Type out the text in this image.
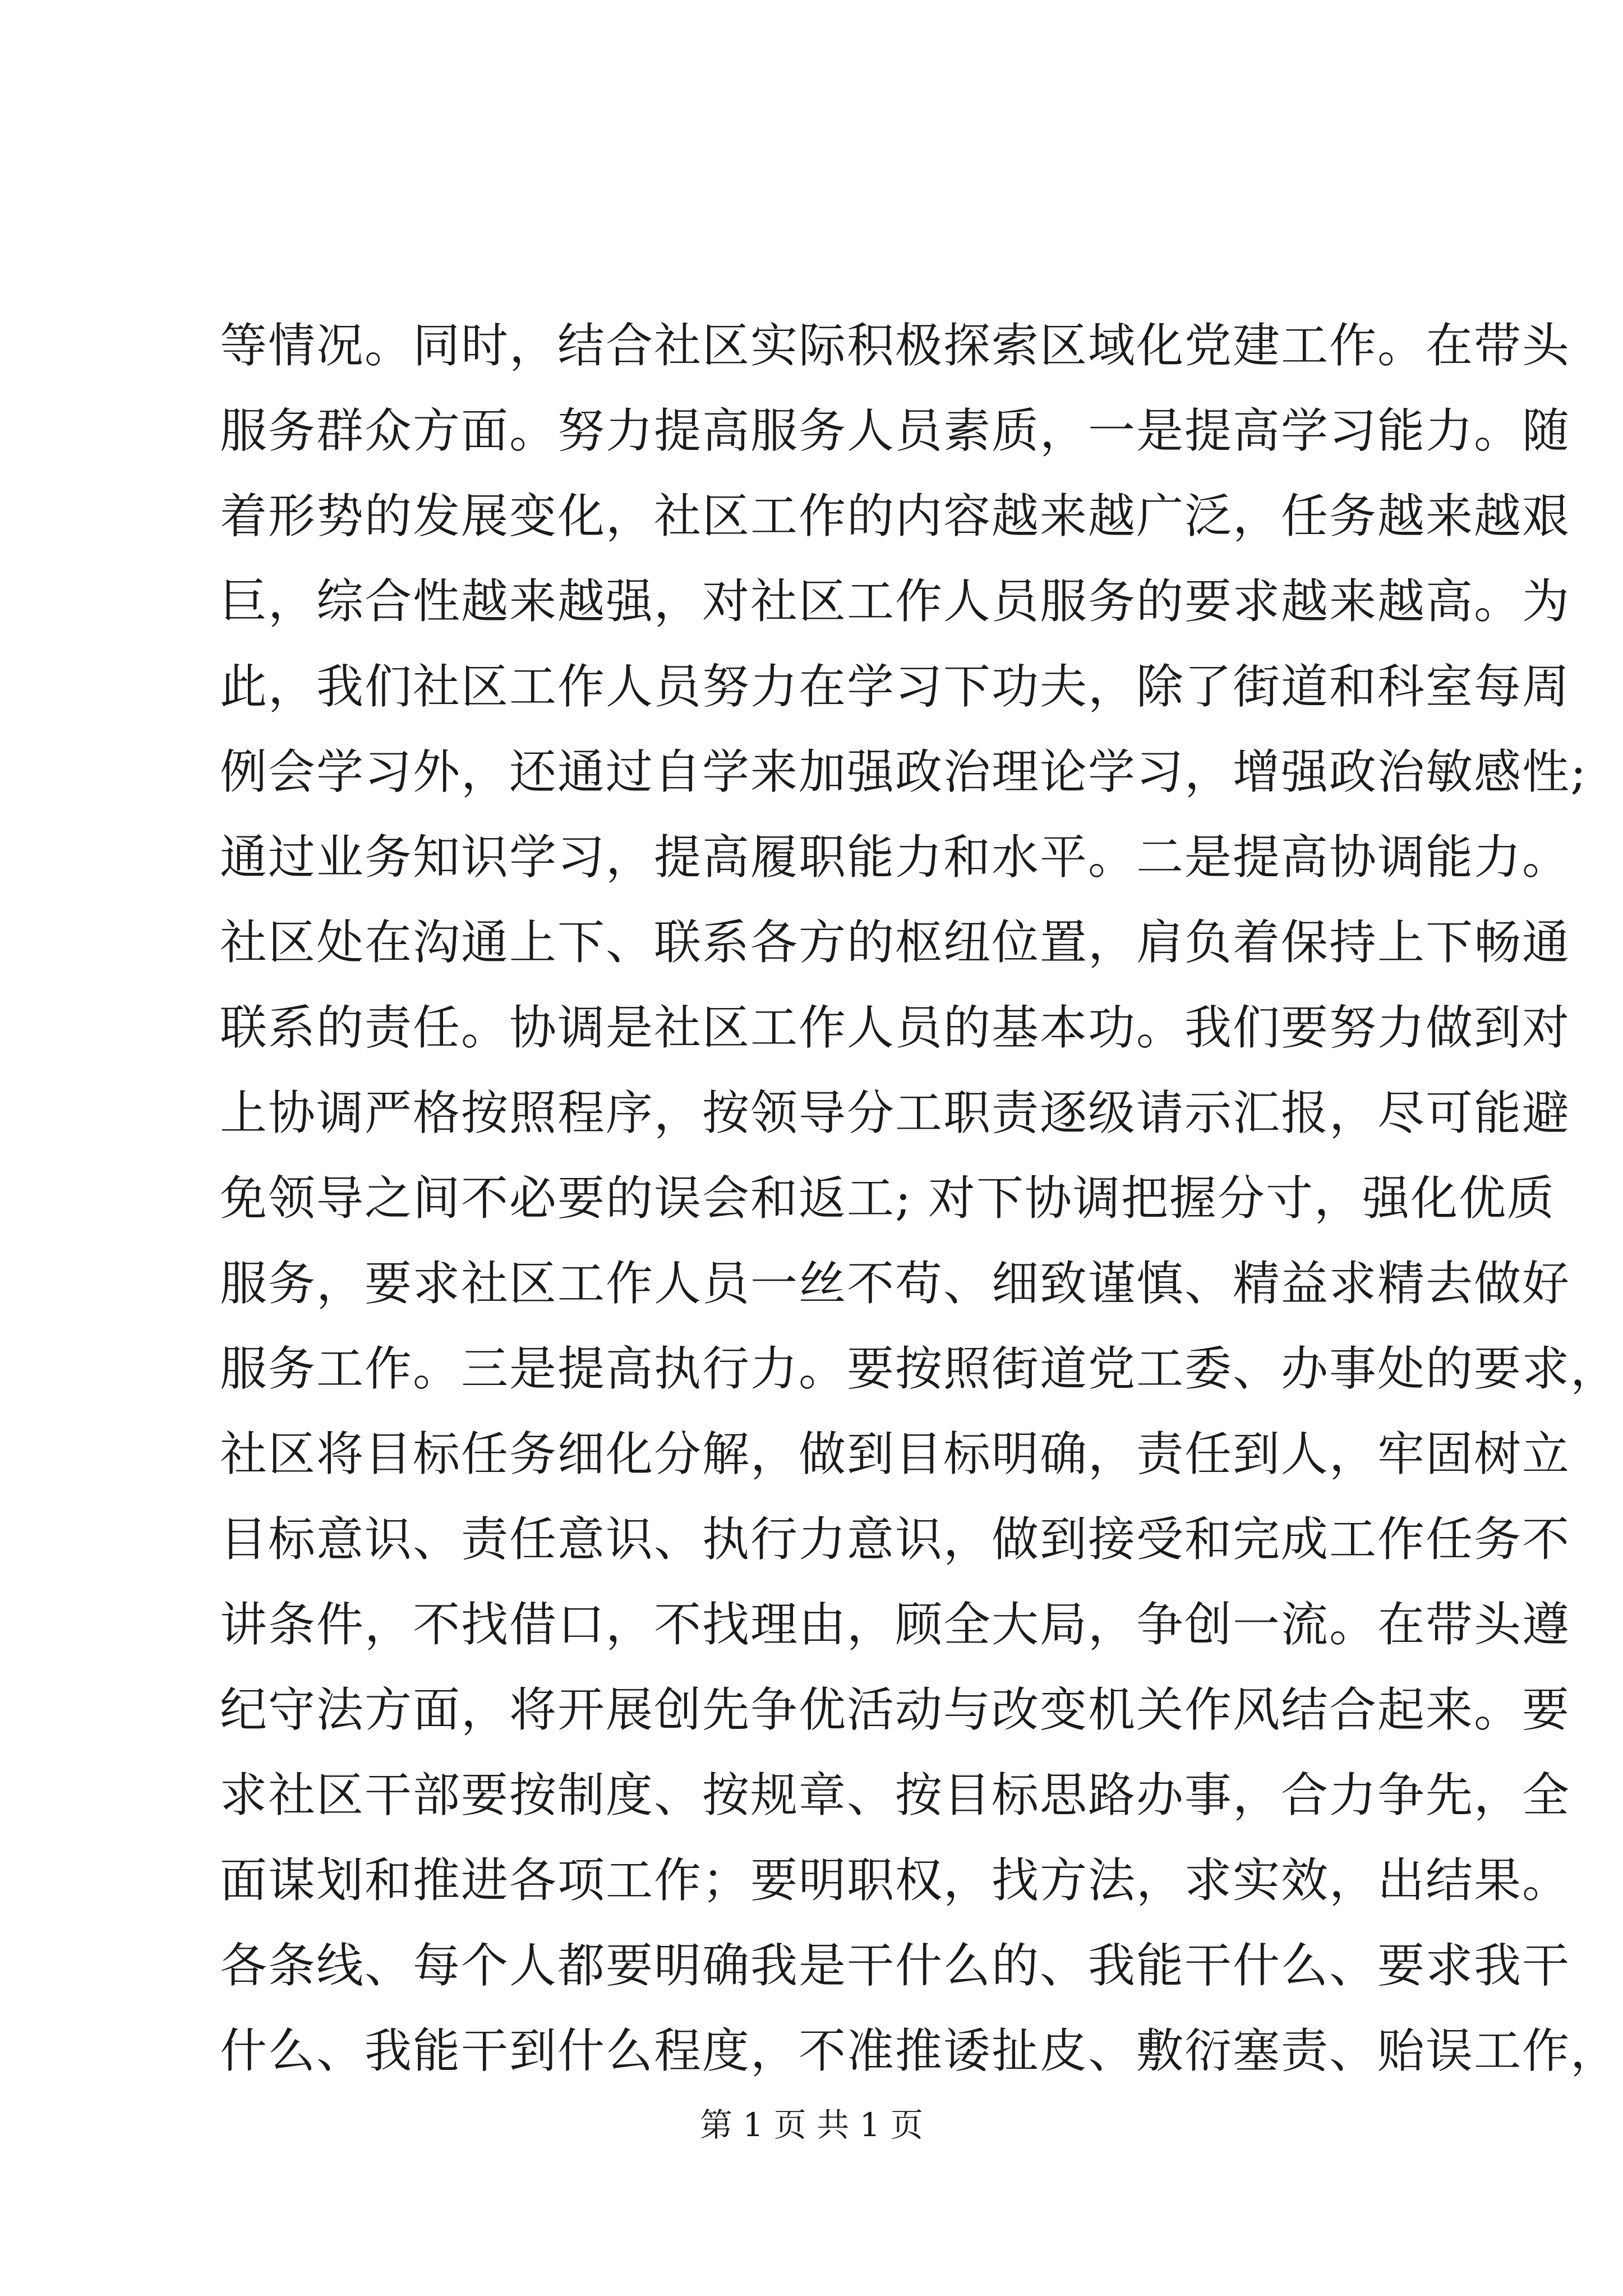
等情况。同时，结合社区实际积极探索区域化党建工作。在带头
服务群众方面。努力提高服务人员素质，一是提高学习能力。随
着形势的发展变化，社区工作的内容越来越广泛，任务越来越艰
巨，综合性越来越强，对社区工作人员服务的要求越来越高。为
此，我们社区工作人员努力在学习下功夫，除了街道和科室每周
例会学习外，还通过自学来加强政治理论学习，增强政治敏感性;
通过业务知识学习，提高履职能力和水平。二是提高协调能力。
社区处在沟通上下、联系各方的枢纽位置，肩负着保持上下畅通
联系的责任。协调是社区工作人员的基本功。我们要努力做到对
上协调严格按照程序，按领导分工职责逐级请示汇报，尽可能避
免领导之间不必要的误会和返工; 对下协调把握分寸，强化优质
服务，要求社区工作人员一丝不苟、细致谨慎、精益求精去做好
服务工作。三是提高执行力。要按照街道党工委、办事处的要求，
社区将目标任务细化分解，做到目标明确，责任到人，牢固树立
目标意识、责任意识、执行力意识，做到接受和完成工作任务不
讲条件，不找借口，不找理由，顾全大局，争创一流。在带头遵
纪守法方面，将开展创先争优活动与改变机关作风结合起来。要
求社区干部要按制度、按规章、按目标思路办事，合力争先，全
面谋划和推进各项工作；要明职权，找方法，求实效，出结果。
各条线、每个人都要明确我是干什么的、我能干什么、要求我干
什么、我能干到什么程度，不准推诿扯皮、敷衍塞责、贻误工作，
第 1 页 共 1 页
